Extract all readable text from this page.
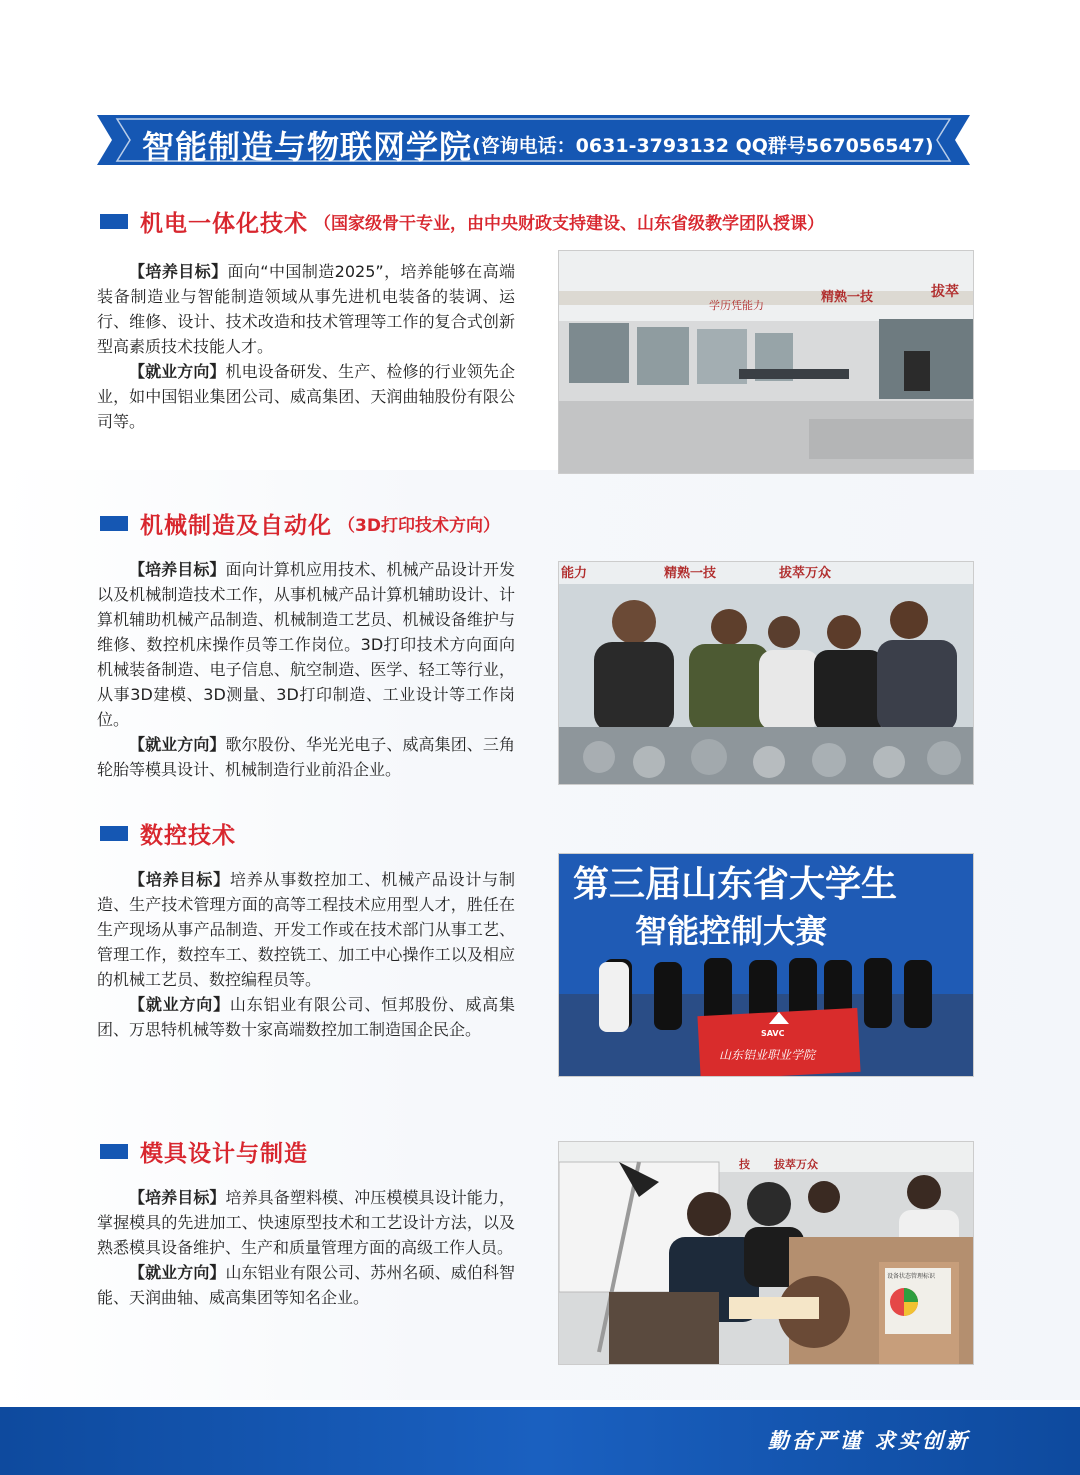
智能制造与物联网学院 (咨询电话：0631-3793132 QQ群号567056547)
机电一体化技术 （国家级骨干专业，由中央财政支持建设、山东省级教学团队授课）

【培养目标】面向“中国制造2025”，培养能够在高端装备制造业与智能制造领域从事先进机电装备的装调、运行、维修、设计、技术改造和技术管理等工作的复合式创新型高素质技术技能人才。

【就业方向】机电设备研发、生产、检修的行业领先企业，如中国铝业集团公司、威高集团、天润曲轴股份有限公司等。

学历凭能力
精熟一技	拔萃
机械制造及自动化 （3D打印技术方向）

【培养目标】面向计算机应用技术、机械产品设计开发以及机械制造技术工作，从事机械产品计算机辅助设计、计算机辅助机械产品制造、机械制造工艺员、机械设备维护与维修、数控机床操作员等工作岗位。3D打印技术方向面向机械装备制造、电子信息、航空制造、医学、轻工等行业，从事3D建模、3D测量、3D打印制造、工业设计等工作岗位。

【就业方向】歌尔股份、华光光电子、威高集团、三角轮胎等模具设计、机械制造行业前沿企业。

能力	精熟一技	拔萃万众
数控技术

【培养目标】培养从事数控加工、机械产品设计与制造、生产技术管理方面的高等工程技术应用型人才，胜任在生产现场从事产品制造、开发工作或在技术部门从事工艺、管理工作，数控车工、数控铣工、加工中心操作工以及相应的机械工艺员、数控编程员等。

【就业方向】山东铝业有限公司、恒邦股份、威高集团、万思特机械等数十家高端数控加工制造国企民企。

第三届山东省大学生
智能控制大赛
SAVC
山东铝业职业学院
模具设计与制造

【培养目标】培养具备塑料模、冲压模模具设计能力，掌握模具的先进加工、快速原型技术和工艺设计方法，以及熟悉模具设备维护、生产和质量管理方面的高级工作人员。

【就业方向】山东铝业有限公司、苏州名硕、威伯科智能、天润曲轴、威高集团等知名企业。

技 拔萃万众
设备状态管理标识
勤奋严谨 求实创新
